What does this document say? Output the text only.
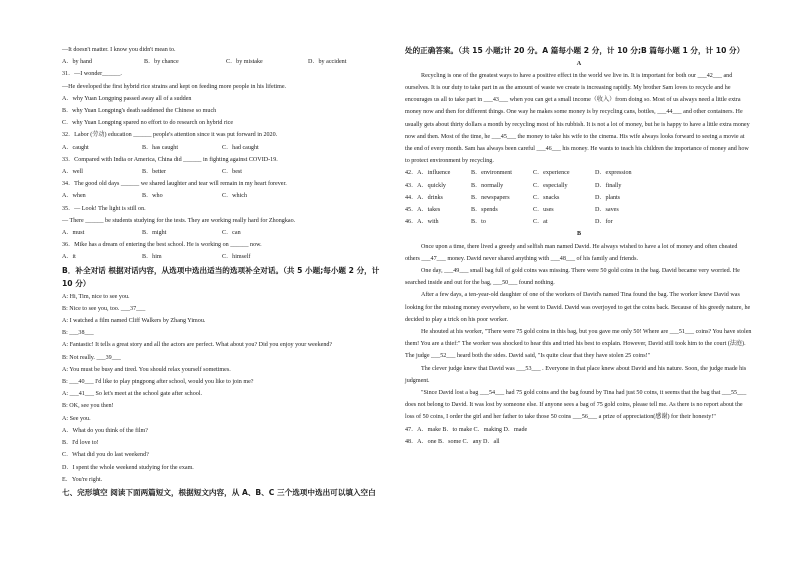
—It doesn't matter. I know you didn't mean to.
A．by hand	B．by chance	C．by mistake	D．by accident
31．—I wonder______.
—He developed the first hybrid rice strains and kept on feeding more people in his lifetime.
A．why Yuan Longping passed away all of a sudden
B．why Yuan Longping's death saddened the Chinese so much
C．why Yuan Longping spared no effort to do research on hybrid rice
32．Labor (劳动) education ______ people's attention since it was put forward in 2020.
A．caught	B．has caught	C．had caught
33．Compared with India or America, China did ______ in fighting against COVID-19.
A．well	B．better	C．best
34．The good old days ______ we shared laughter and tear will remain in my heart forever.
A．when	B．who	C．which
35．— Look! The light is still on.
— There ______ be students studying for the tests. They are working really hard for Zhongkao.
A．must	B．might	C．can
36．Mike has a dream of entering the best school. He is working on ______ now.
A．it	B．him	C．himself
B．补全对话 根据对话内容，从选项中选出适当的选项补全对话。（共 5 小题;每小题 2 分，计 10 分）
A: Hi, Tim, nice to see you.
B: Nice to see you, too. ___37___
A: I watched a film named Cliff Walkers by Zhang Yimou.
B: ___38___
A: Fantastic! It tells a great story and all the actors are perfect. What about you? Did you enjoy your weekend?
B: Not really. ___39___
A: You must be busy and tired. You should relax yourself sometimes.
B: ___40___ I'd like to play pingpong after school, would you like to join me?
A: ___41___ So let's meet at the school gate after school.
B: OK, see you then!
A: See you.
A．What do you think of the film?
B．I'd love to!
C．What did you do last weekend?
D．I spent the whole weekend studying for the exam.
E．You're right.
七、完形填空 阅读下面两篇短文，根据短文内容，从 A、B、C 三个选项中选出可以填入空白
处的正确答案。（共 15 小题;计 20 分。A 篇每小题 2 分，计 10 分;B 篇每小题 1 分，计 10 分）
A
Recycling is one of the greatest ways to have a positive effect in the world we live in. It is important for both our ___42___ and ourselves. It is our duty to take part in as the amount of waste we create is increasing rapidly. My brother Sam loves to recycle and he encourages us all to take part in ___43___ when you can get a small income（收入）from doing so. Most of us always need a little extra money now and then for different things. One way he makes some money is by recycling cans, bottles, ___44___ and other containers. He usually gets about thirty dollars a month by recycling most of his rubbish. It is not a lot of money, but he is happy to have a little extra money now and then. Most of the time, he ___45___ the money to take his wife to the cinema. His wife always looks forward to seeing a movie at the end of every month. Sam has always been careful ___46___ his money. He wants to teach his children the importance of money and how to protect environment by recycling.
42．A．influence	B．environment	C．experience	D．expression
43．A．quickly	B．normally	C．especially	D．finally
44．A．drinks	B．newspapers	C．snacks	D．plants
45．A．takes	B．spends	C．uses	D．saves
46．A．with	B．to	C．at	D．for
B
Once upon a time, there lived a greedy and selfish man named David. He always wished to have a lot of money and often cheated others ___47___ money. David never shared anything with ___48___ of his family and friends.
One day, ___49___ small bag full of gold coins was missing. There were 50 gold coins in the bag. David became very worried. He searched inside and out for the bag, ___50___ found nothing.
After a few days, a ten-year-old daughter of one of the workers of David's named Tina found the bag. The worker knew David was looking for the missing money everywhere, so he went to David. David was overjoyed to get the coins back. Because of his greedy nature, he decided to play a trick on his poor worker.
He shouted at his worker, "There were 75 gold coins in this bag, but you gave me only 50! Where are ___51___ coins? You have stolen them! You are a thief:" The worker was shocked to hear this and tried his best to explain. However, David still took him to the court (法庭). The judge ___52___ heard both the sides. David said, "Is quite clear that they have stolen 25 coins!"
The clever judge knew that David was ___53___ . Everyone in that place knew about David and his nature. Soon, the judge made his judgment.
"Since David lost a bag ___54___ had 75 gold coins and the bag found by Tina had just 50 coins, it seems that the bag that ___55___ does not belong to David. It was lost by someone else. If anyone sees a bag of 75 gold coins, please tell me. As there is no report about the loss of 50 coins, I order the girl and her father to take those 50 coins ___56___ a prize of appreciation(感谢) for their honesty!"
47．A．make B．to make C．making D．made
48．A．one B．some C．any D．all
